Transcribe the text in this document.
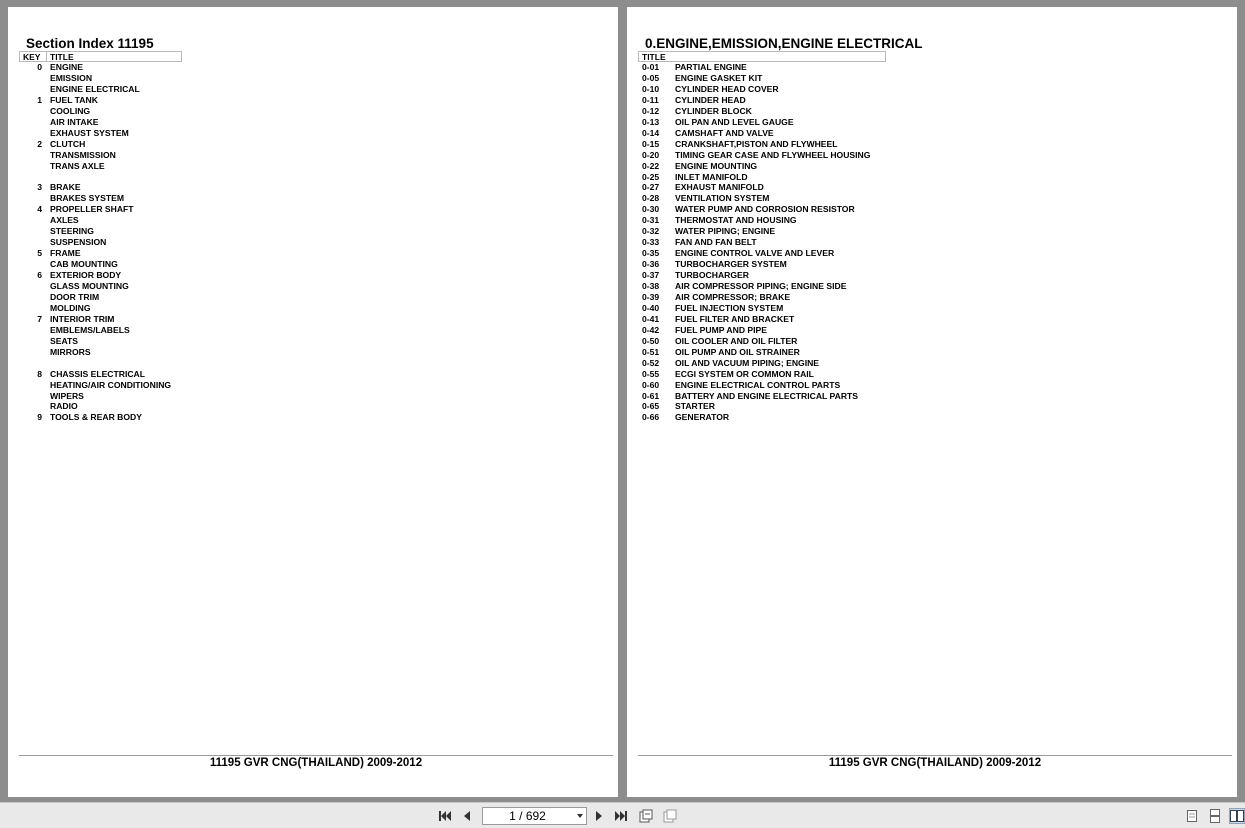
Section Index 11195
KEY TITLE
0 ENGINE
EMISSION
ENGINE ELECTRICAL
1 FUEL TANK
COOLING
AIR INTAKE
EXHAUST SYSTEM
2 CLUTCH
TRANSMISSION
TRANS AXLE
3 BRAKE
BRAKES SYSTEM
4 PROPELLER SHAFT
AXLES
STEERING
SUSPENSION
5 FRAME
CAB MOUNTING
6 EXTERIOR BODY
GLASS MOUNTING
DOOR TRIM
MOLDING
7 INTERIOR TRIM
EMBLEMS/LABELS
SEATS
MIRRORS
8 CHASSIS ELECTRICAL
HEATING/AIR CONDITIONING
WIPERS
RADIO
9 TOOLS & REAR BODY
11195 GVR CNG(THAILAND) 2009-2012
0.ENGINE,EMISSION,ENGINE ELECTRICAL
TITLE
0-01	PARTIAL ENGINE
0-05	ENGINE GASKET KIT
0-10	CYLINDER HEAD COVER
0-11	CYLINDER HEAD
0-12	CYLINDER BLOCK
0-13	OIL PAN AND LEVEL GAUGE
0-14	CAMSHAFT AND VALVE
0-15	CRANKSHAFT,PISTON AND FLYWHEEL
0-20	TIMING GEAR CASE AND FLYWHEEL HOUSING
0-22	ENGINE MOUNTING
0-25	INLET MANIFOLD
0-27	EXHAUST MANIFOLD
0-28	VENTILATION SYSTEM
0-30	WATER PUMP AND CORROSION RESISTOR
0-31	THERMOSTAT AND HOUSING
0-32	WATER PIPING; ENGINE
0-33	FAN AND FAN BELT
0-35	ENGINE CONTROL VALVE AND LEVER
0-36	TURBOCHARGER SYSTEM
0-37	TURBOCHARGER
0-38	AIR COMPRESSOR PIPING; ENGINE SIDE
0-39	AIR COMPRESSOR; BRAKE
0-40	FUEL INJECTION SYSTEM
0-41	FUEL FILTER AND BRACKET
0-42	FUEL PUMP AND PIPE
0-50	OIL COOLER AND OIL FILTER
0-51	OIL PUMP AND OIL STRAINER
0-52	OIL AND VACUUM PIPING; ENGINE
0-55	ECGI SYSTEM OR COMMON RAIL
0-60	ENGINE ELECTRICAL CONTROL PARTS
0-61	BATTERY AND ENGINE ELECTRICAL PARTS
0-65	STARTER
0-66	GENERATOR
11195 GVR CNG(THAILAND) 2009-2012
1 / 692
